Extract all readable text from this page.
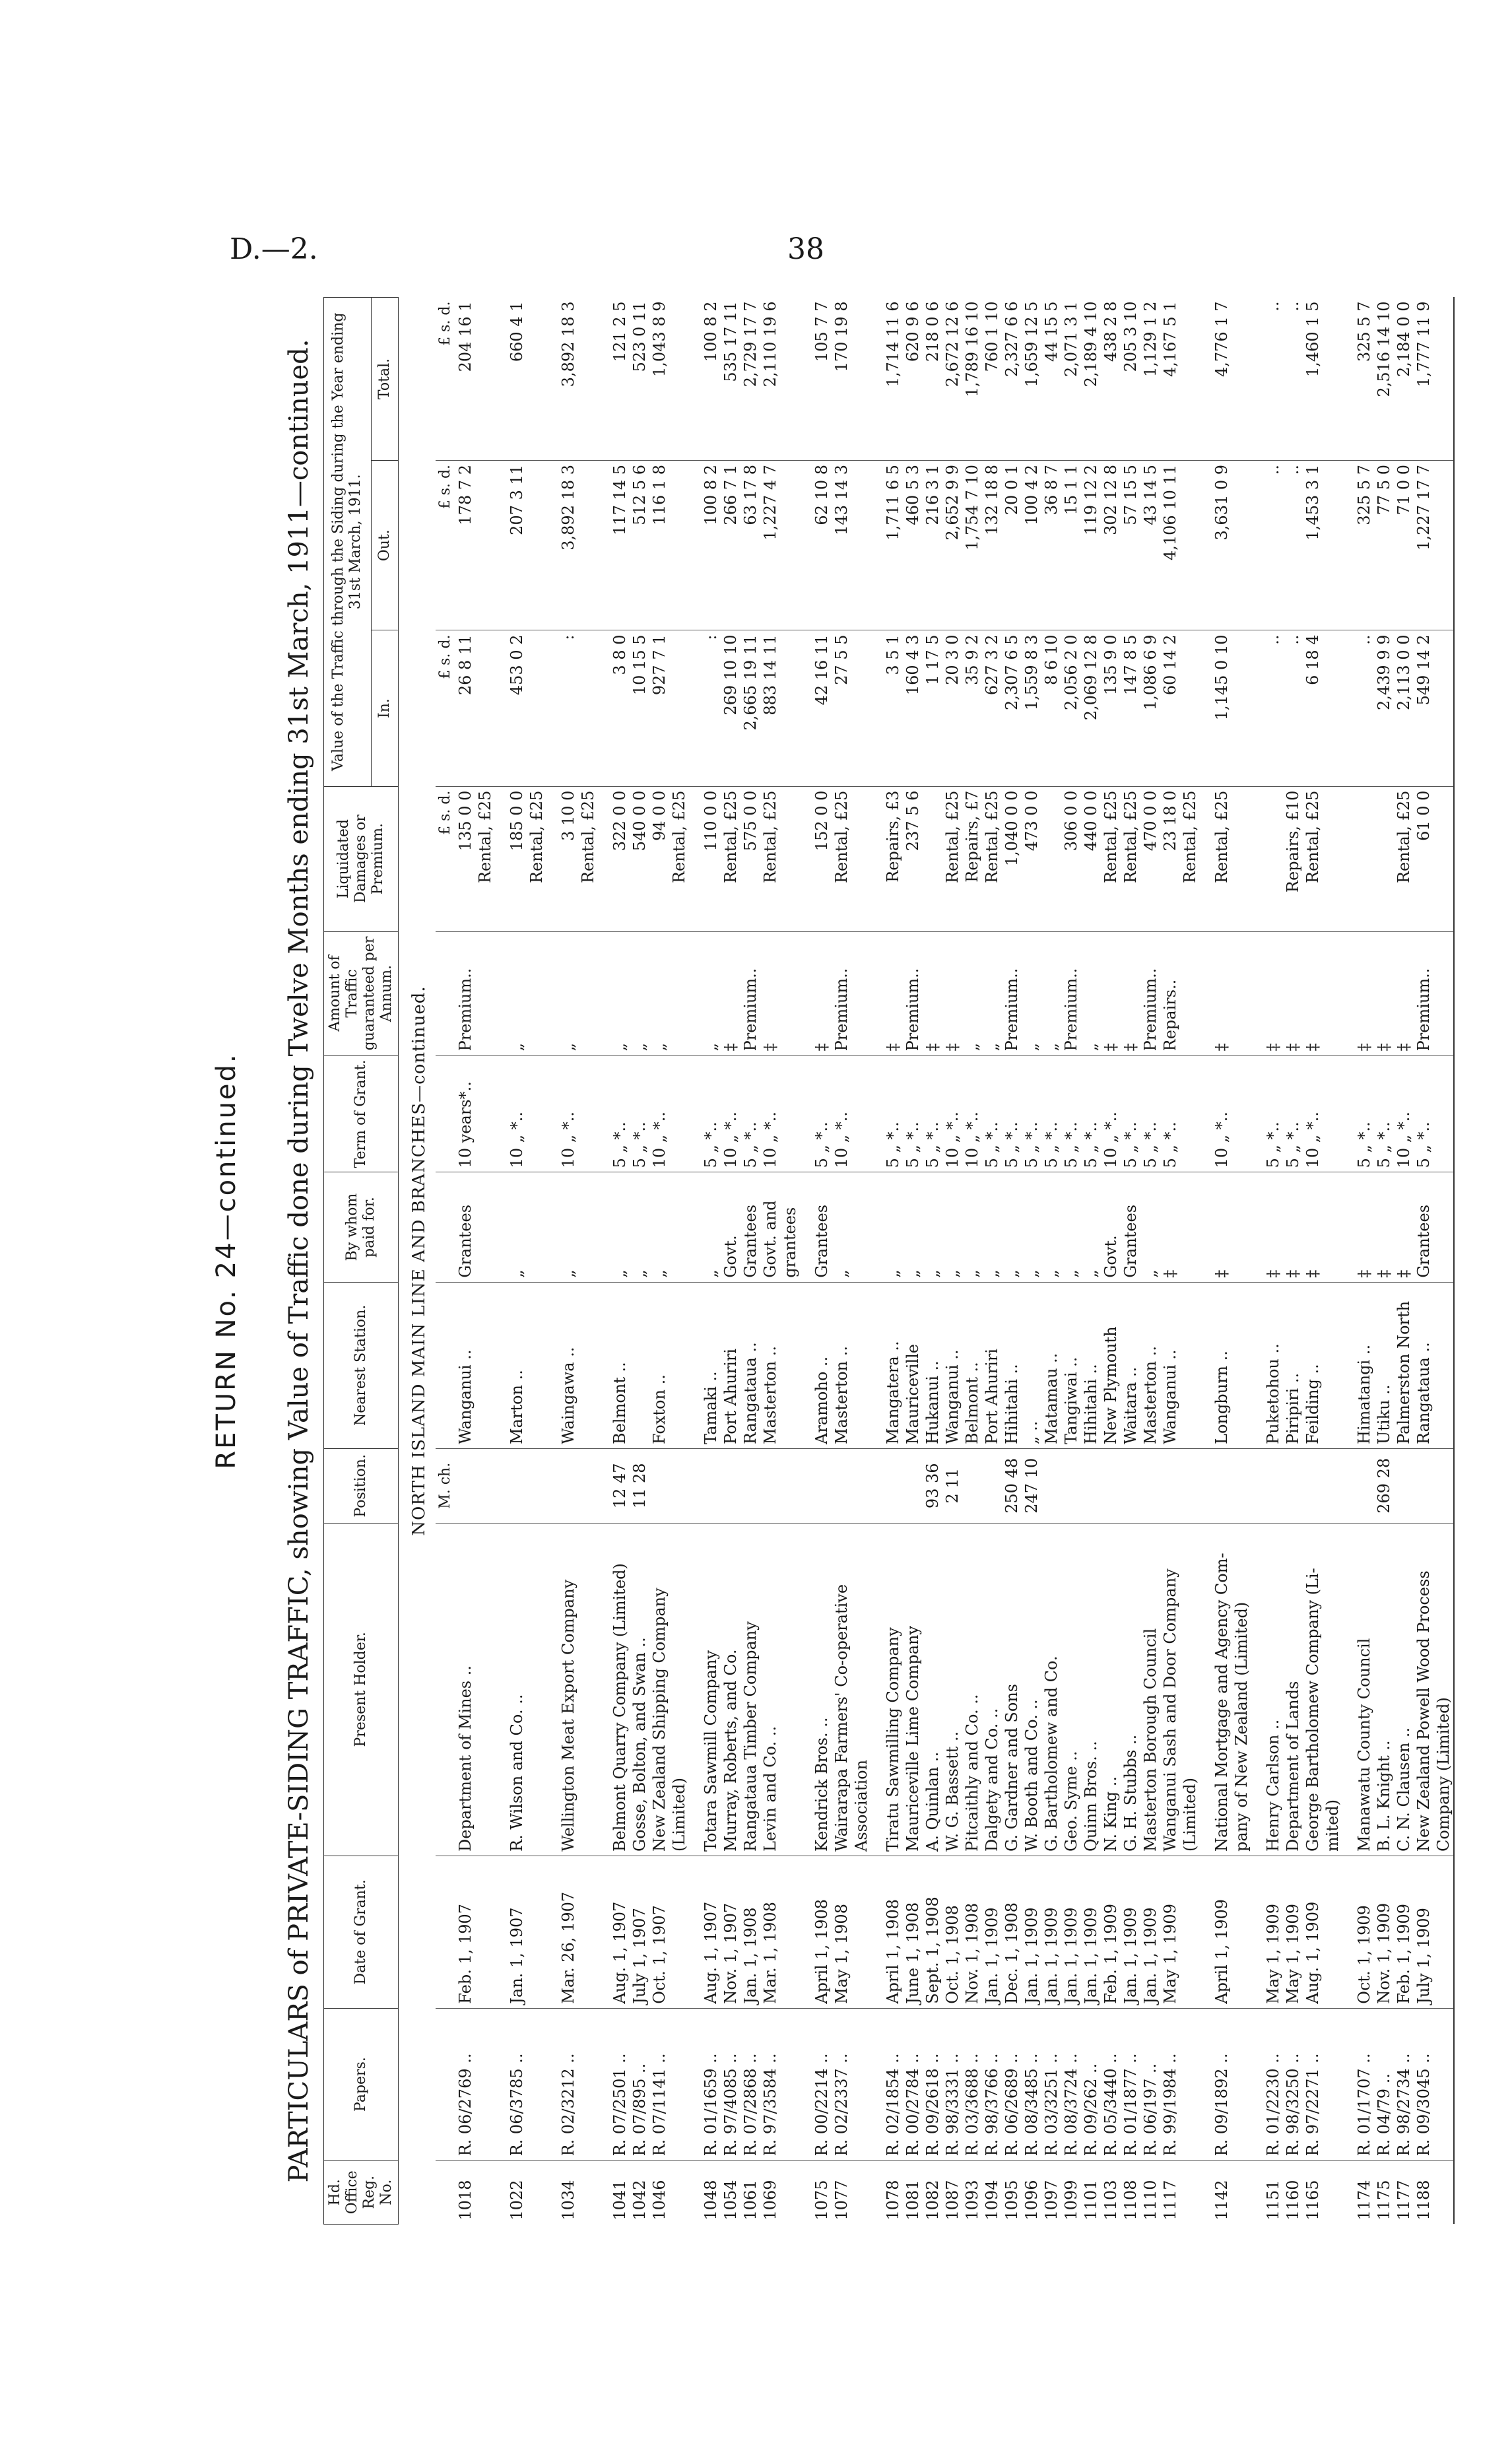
D.—2.	38
RETURN No. 24—continued. PARTICULARS of PRIVATE-SIDING TRAFFIC, showing Value of Traffic done during Twelve Months ending 31st March, 1911—continued.
Hd. Office Reg. No.	Papers.	Date of Grant.	Present Holder.	Position.	Nearest Station.	By whom paid for.	Term of Grant.	Amount of Traffic guaranteed per Annum.	Liquidated Damages or Premium.	Value of the Traffic through the Siding during the Year ending 31st March, 1911.		
										In.	Out.	Total.
NORTH ISLAND MAIN LINE AND BRANCHES—continued.												
				M. ch.					£ s. d.	£ s. d.	£ s. d.	£ s. d.
1018	R. 06/2769 ..	Feb. 1, 1907	Department of Mines ..		Wanganui ..	Grantees	10 years*..	Premium..	135 0 0	26 8 11	178 7 2	204 16 1
									Rental, £25			

1022	R. 06/3785 ..	Jan. 1, 1907	R. Wilson and Co. ..		Marton ..	„	10 „ *..	„	185 0 0	453 0 2	207 3 11	660 4 1
									Rental, £25			

1034	R. 02/3212 ..	Mar. 26, 1907	Wellington Meat Export Company		Waingawa ..	„	10 „ *..	„	3 10 0	:	3,892 18 3	3,892 18 3
									Rental, £25			

1041	R. 07/2501 ..	Aug. 1, 1907	Belmont Quarry Company (Limited)	12 47	Belmont ..	„	5 „ *..	„	322 0 0	3 8 0	117 14 5	121 2 5
1042	R. 07/895 ..	July 1, 1907	Gosse, Bolton, and Swan ..	11 28		„	5 „ *..	„	540 0 0	10 15 5	512 5 6	523 0 11
1046	R. 07/1141 ..	Oct. 1, 1907	New Zealand Shipping Company		Foxton ..	„	10 „ *..	„	94 0 0	927 7 1	116 1 8	1,043 8 9
			(Limited)						Rental, £25			

1048	R. 01/1659 ..	Aug. 1, 1907	Totara Sawmill Company		Tamaki ..	„	5 „ *..	„	110 0 0	:	100 8 2	100 8 2
1054	R. 97/4085 ..	Nov. 1, 1907	Murray, Roberts, and Co.		Port Ahuriri	Govt.	10 „ *..	‡	Rental, £25	269 10 10	266 7 1	535 17 11
1061	R. 07/2868 ..	Jan. 1, 1908	Rangataua Timber Company		Rangataua ..	Grantees	5 „ *..	Premium..	575 0 0	2,665 19 11	63 17 8	2,729 17 7
1069	R. 97/3584 ..	Mar. 1, 1908	Levin and Co. ..		Masterton ..	Govt. and	10 „ *..	‡	Rental, £25	883 14 11	1,227 4 7	2,110 19 6
						grantees						

1075	R. 00/2214 ..	April 1, 1908	Kendrick Bros. ..		Aramoho ..	Grantees	5 „ *..	‡	152 0 0	42 16 11	62 10 8	105 7 7
1077	R. 02/2337 ..	May 1, 1908	Wairarapa Farmers' Co-operative		Masterton ..	„	10 „ *..	Premium..	Rental, £25	27 5 5	143 14 3	170 19 8
			Association									

1078	R. 02/1854 ..	April 1, 1908	Tiratu Sawmilling Company		Mangatera ..	„	5 „ *..	‡	Repairs, £3	3 5 1	1,711 6 5	1,714 11 6
1081	R. 00/2784 ..	June 1, 1908	Mauriceville Lime Company		Mauriceville	„	5 „ *..	Premium..	237 5 6	160 4 3	460 5 3	620 9 6
1082	R. 09/2618 ..	Sept. 1, 1908	A. Quinlan ..	93 36	Hukanui ..	„	5 „ *..	‡		1 17 5	216 3 1	218 0 6
1087	R. 98/3331 ..	Oct. 1, 1908	W. G. Bassett ..	2 11	Wanganui ..	„	10 „ *..	‡	Rental, £25	20 3 0	2,652 9 9	2,672 12 6
1093	R. 03/3688 ..	Nov. 1, 1908	Pitcaithly and Co. ..		Belmont ..	„	10 „ *..	„	Repairs, £7	35 9 2	1,754 7 10	1,789 16 10
1094	R. 98/3766 ..	Jan. 1, 1909	Dalgety and Co. ..		Port Ahuriri	„	5 „ *..	„	Rental, £25	627 3 2	132 18 8	760 1 10
1095	R. 06/2689 ..	Dec. 1, 1908	G. Gardner and Sons	250 48	Hihitahi ..	„	5 „ *..	Premium..	1,040 0 0	2,307 6 5	20 0 1	2,327 6 6
1096	R. 08/3485 ..	Jan. 1, 1909	W. Booth and Co. ..	247 10	„ ..	„	5 „ *..	„	473 0 0	1,559 8 3	100 4 2	1,659 12 5
1097	R. 03/3251 ..	Jan. 1, 1909	G. Bartholomew and Co.		Matamau ..	„	5 „ *..	„		8 6 10	36 8 7	44 15 5
1099	R. 08/3724 ..	Jan. 1, 1909	Geo. Syme ..		Tangiwai ..	„	5 „ *..	Premium..	306 0 0	2,056 2 0	15 1 1	2,071 3 1
1101	R. 09/262 ..	Jan. 1, 1909	Quinn Bros. ..		Hihitahi ..	„	5 „ *..	„	440 0 0	2,069 12 8	119 12 2	2,189 4 10
1103	R. 05/3440 ..	Feb. 1, 1909	N. King ..		New Plymouth	Govt.	10 „ *..	‡	Rental, £25	135 9 0	302 12 8	438 2 8
1108	R. 01/1877 ..	Jan. 1, 1909	G. H. Stubbs ..		Waitara ..	Grantees	5 „ *..	‡	Rental, £25	147 8 5	57 15 5	205 3 10
1110	R. 06/197 ..	Jan. 1, 1909	Masterton Borough Council		Masterton ..	„	5 „ *..	Premium..	470 0 0	1,086 6 9	43 14 5	1,129 1 2
1117	R. 99/1984 ..	May 1, 1909	Wanganui Sash and Door Company		Wanganui ..	‡	5 „ *..	Repairs..	23 18 0	60 14 2	4,106 10 11	4,167 5 1
			(Limited)						Rental, £25			

1142	R. 09/1892 ..	April 1, 1909	National Mortgage and Agency Com-		Longburn ..	‡	10 „ *..	‡	Rental, £25	1,145 0 10	3,631 0 9	4,776 1 7
			pany of New Zealand (Limited)									

1151	R. 01/2230 ..	May 1, 1909	Henry Carlson ..		Puketohou ..	‡	5 „ *..	‡		..	..	..
1160	R. 98/3250 ..	May 1, 1909	Department of Lands		Piripiri ..	‡	5 „ *..	‡	Repairs, £10	..	..	..
1165	R. 97/2271 ..	Aug. 1, 1909	George Bartholomew Company (Li-		Feilding ..	‡	10 „ *..	‡	Rental, £25	6 18 4	1,453 3 1	1,460 1 5
			mited)									

1174	R. 01/1707 ..	Oct. 1, 1909	Manawatu County Council		Himatangi ..	‡	5 „ *..	‡		..	325 5 7	325 5 7
1175	R. 04/79 ..	Nov. 1, 1909	B. L. Knight ..	269 28	Utiku ..	‡	5 „ *..	‡		2,439 9 9	77 5 0	2,516 14 10
1177	R. 98/2734 ..	Feb. 1, 1909	C. N. Clausen ..		Palmerston North	‡	10 „ *..	‡	Rental, £25	2,113 0 0	71 0 0	2,184 0 0
1188	R. 09/3045 ..	July 1, 1909	New Zealand Powell Wood Process		Rangataua ..	Grantees	5 „ *..	Premium..	61 0 0	549 14 2	1,227 17 7	1,777 11 9
			Company (Limited)									
